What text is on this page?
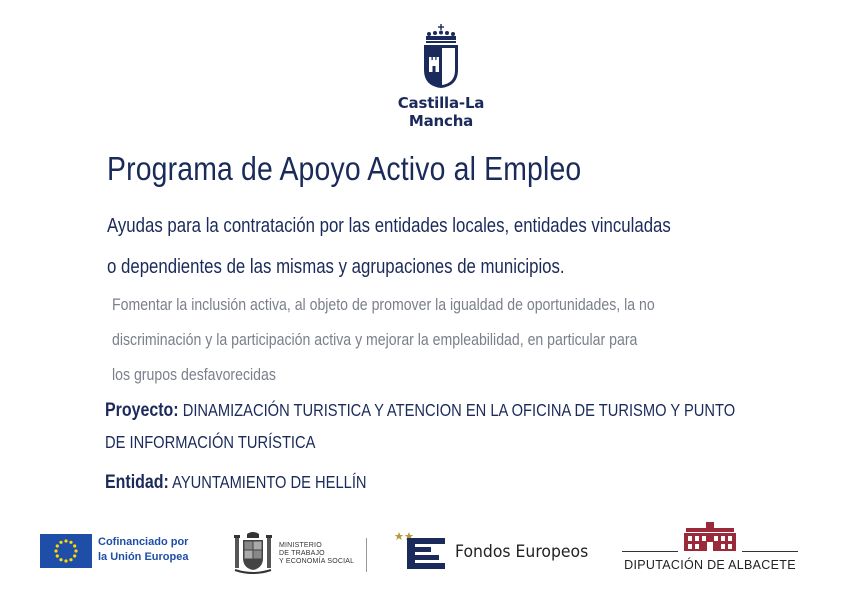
Castilla-La Mancha
Programa de Apoyo Activo al Empleo
Ayudas para la contratación por las entidades locales, entidades vinculadas
o dependientes de las mismas y agrupaciones de municipios.
Fomentar la inclusión activa, al objeto de promover la igualdad de oportunidades, la no
discriminación y la participación activa y mejorar la empleabilidad, en particular para
los grupos desfavorecidas
Proyecto: DINAMIZACIÓN TURISTICA Y ATENCION EN LA OFICINA DE TURISMO Y PUNTO
DE INFORMACIÓN TURÍSTICA
Entidad: AYUNTAMIENTO DE HELLÍN
Cofinanciado por
la Unión Europea
MINISTERIO
DE TRABAJO
Y ECONOMÍA SOCIAL	Fondos Europeos
DIPUTACIÓN DE ALBACETE
